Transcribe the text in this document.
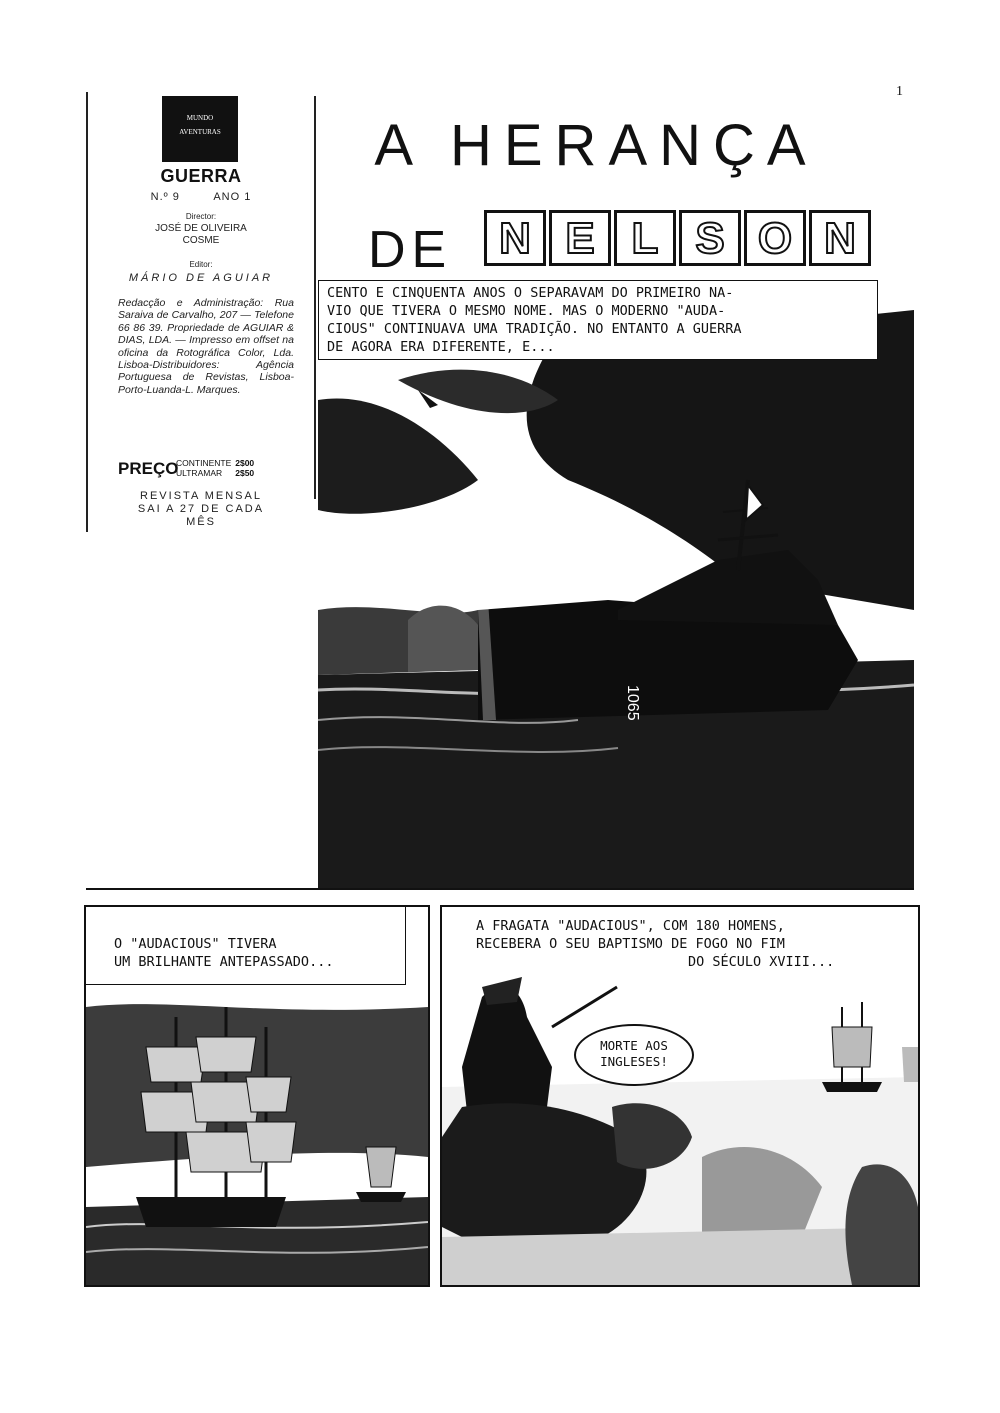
MUNDO
AVENTURAS
GUERRA
N.º 9	ANO 1
Director:
JOSÉ DE OLIVEIRA
COSME
Editor:
MÁRIO DE AGUIAR
Redacção e Administração: Rua Saraiva de Carvalho, 207 — Telefone 66 86 39. Propriedade de AGUIAR & DIAS, LDA. — Impresso em offset na oficina da Rotográfica Color, Lda. Lisboa-Distribuidores: Agência Portuguesa de Revistas, Lisboa-Porto-Luanda-L. Marques.
PREÇO
CONTINENTE	2$00
ULTRAMAR	2$50
REVISTA MENSAL
SAI A 27 DE CADA
MÊS
1
A HERANÇA
DE	N E L S O N
1065
CENTO E CINQUENTA ANOS O SEPARAVAM DO PRIMEIRO NA-
VIO QUE TIVERA O MESMO NOME. MAS O MODERNO "AUDA-
CIOUS" CONTINUAVA UMA TRADIÇÃO. NO ENTANTO A GUERRA
DE AGORA ERA DIFERENTE, E...
O "AUDACIOUS" TIVERA
UM BRILHANTE ANTEPASSADO...
A FRAGATA "AUDACIOUS", COM 180 HOMENS,
RECEBERA O SEU BAPTISMO DE FOGO NO FIM
DO SÉCULO XVIII...
MORTE AOS
INGLESES!
